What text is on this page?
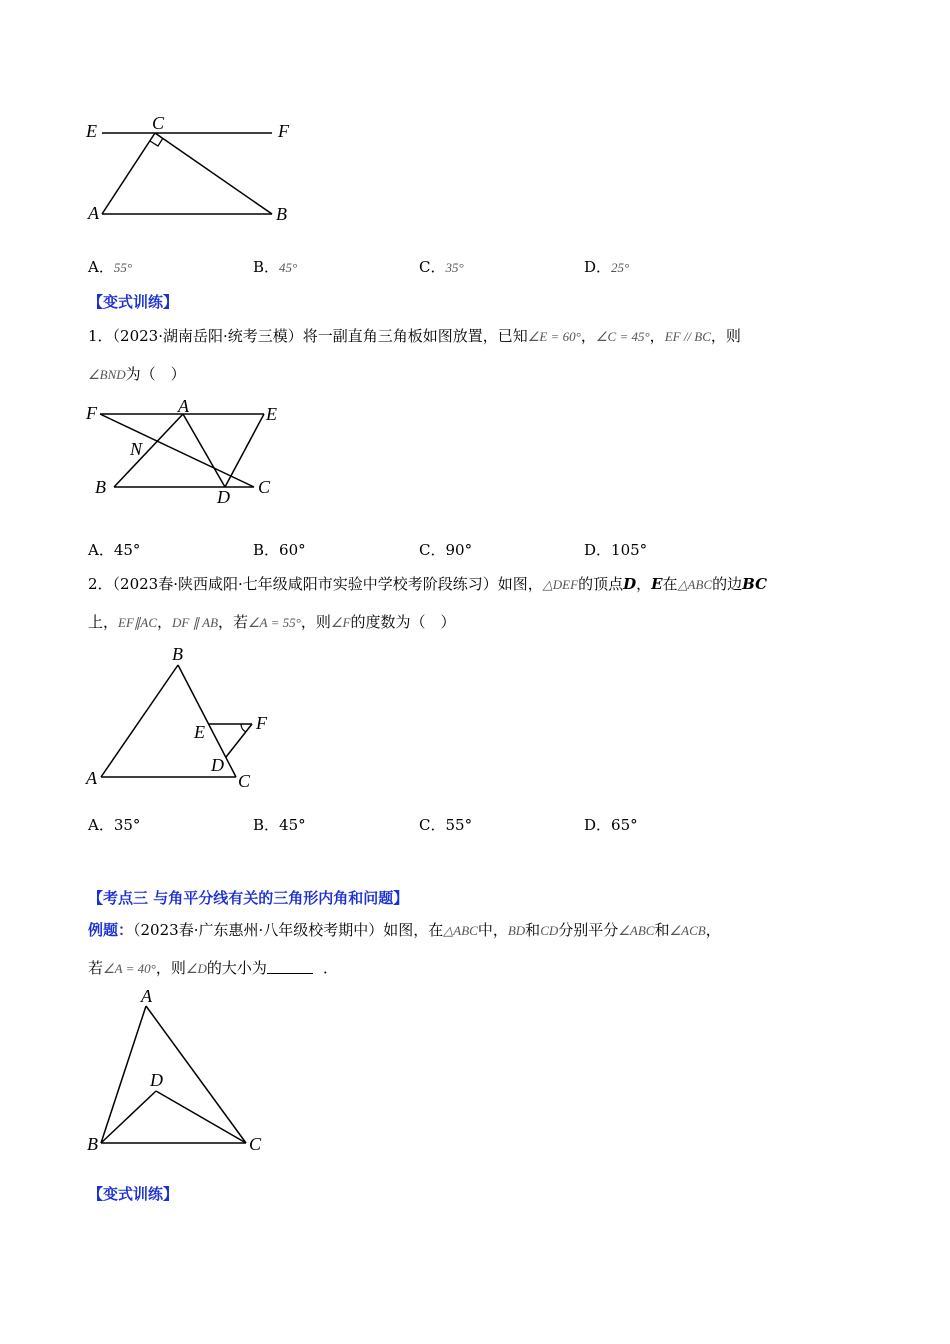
E	C	F
A	B
A．55°	B．45°	C．35°	D．25°
【变式训练】
1．（2023·湖南岳阳·统考三模）将一副直角三角板如图放置，已知∠E = 60°，∠C = 45°，EF // BC，则
∠BND为（　）
F	A	E
N
B	D C
A．45°	B．60°	C．90°	D．105°
2．（2023春·陕西咸阳·七年级咸阳市实验中学校考阶段练习）如图，△DEF的顶点D，E在△ABC的边BC
上，EF∥AC，DF ∥ AB，若∠A = 55°，则∠F的度数为（　）
B
E	F
A
D
C
A．35°	B．45°	C．55°	D．65°
【考点三 与角平分线有关的三角形内角和问题】
例题：（2023春·广东惠州·八年级校考期中）如图，在△ABC中，BD和CD分别平分∠ABC和∠ACB，
若∠A = 40°，则∠D的大小为	．
A
D
B	C
【变式训练】
